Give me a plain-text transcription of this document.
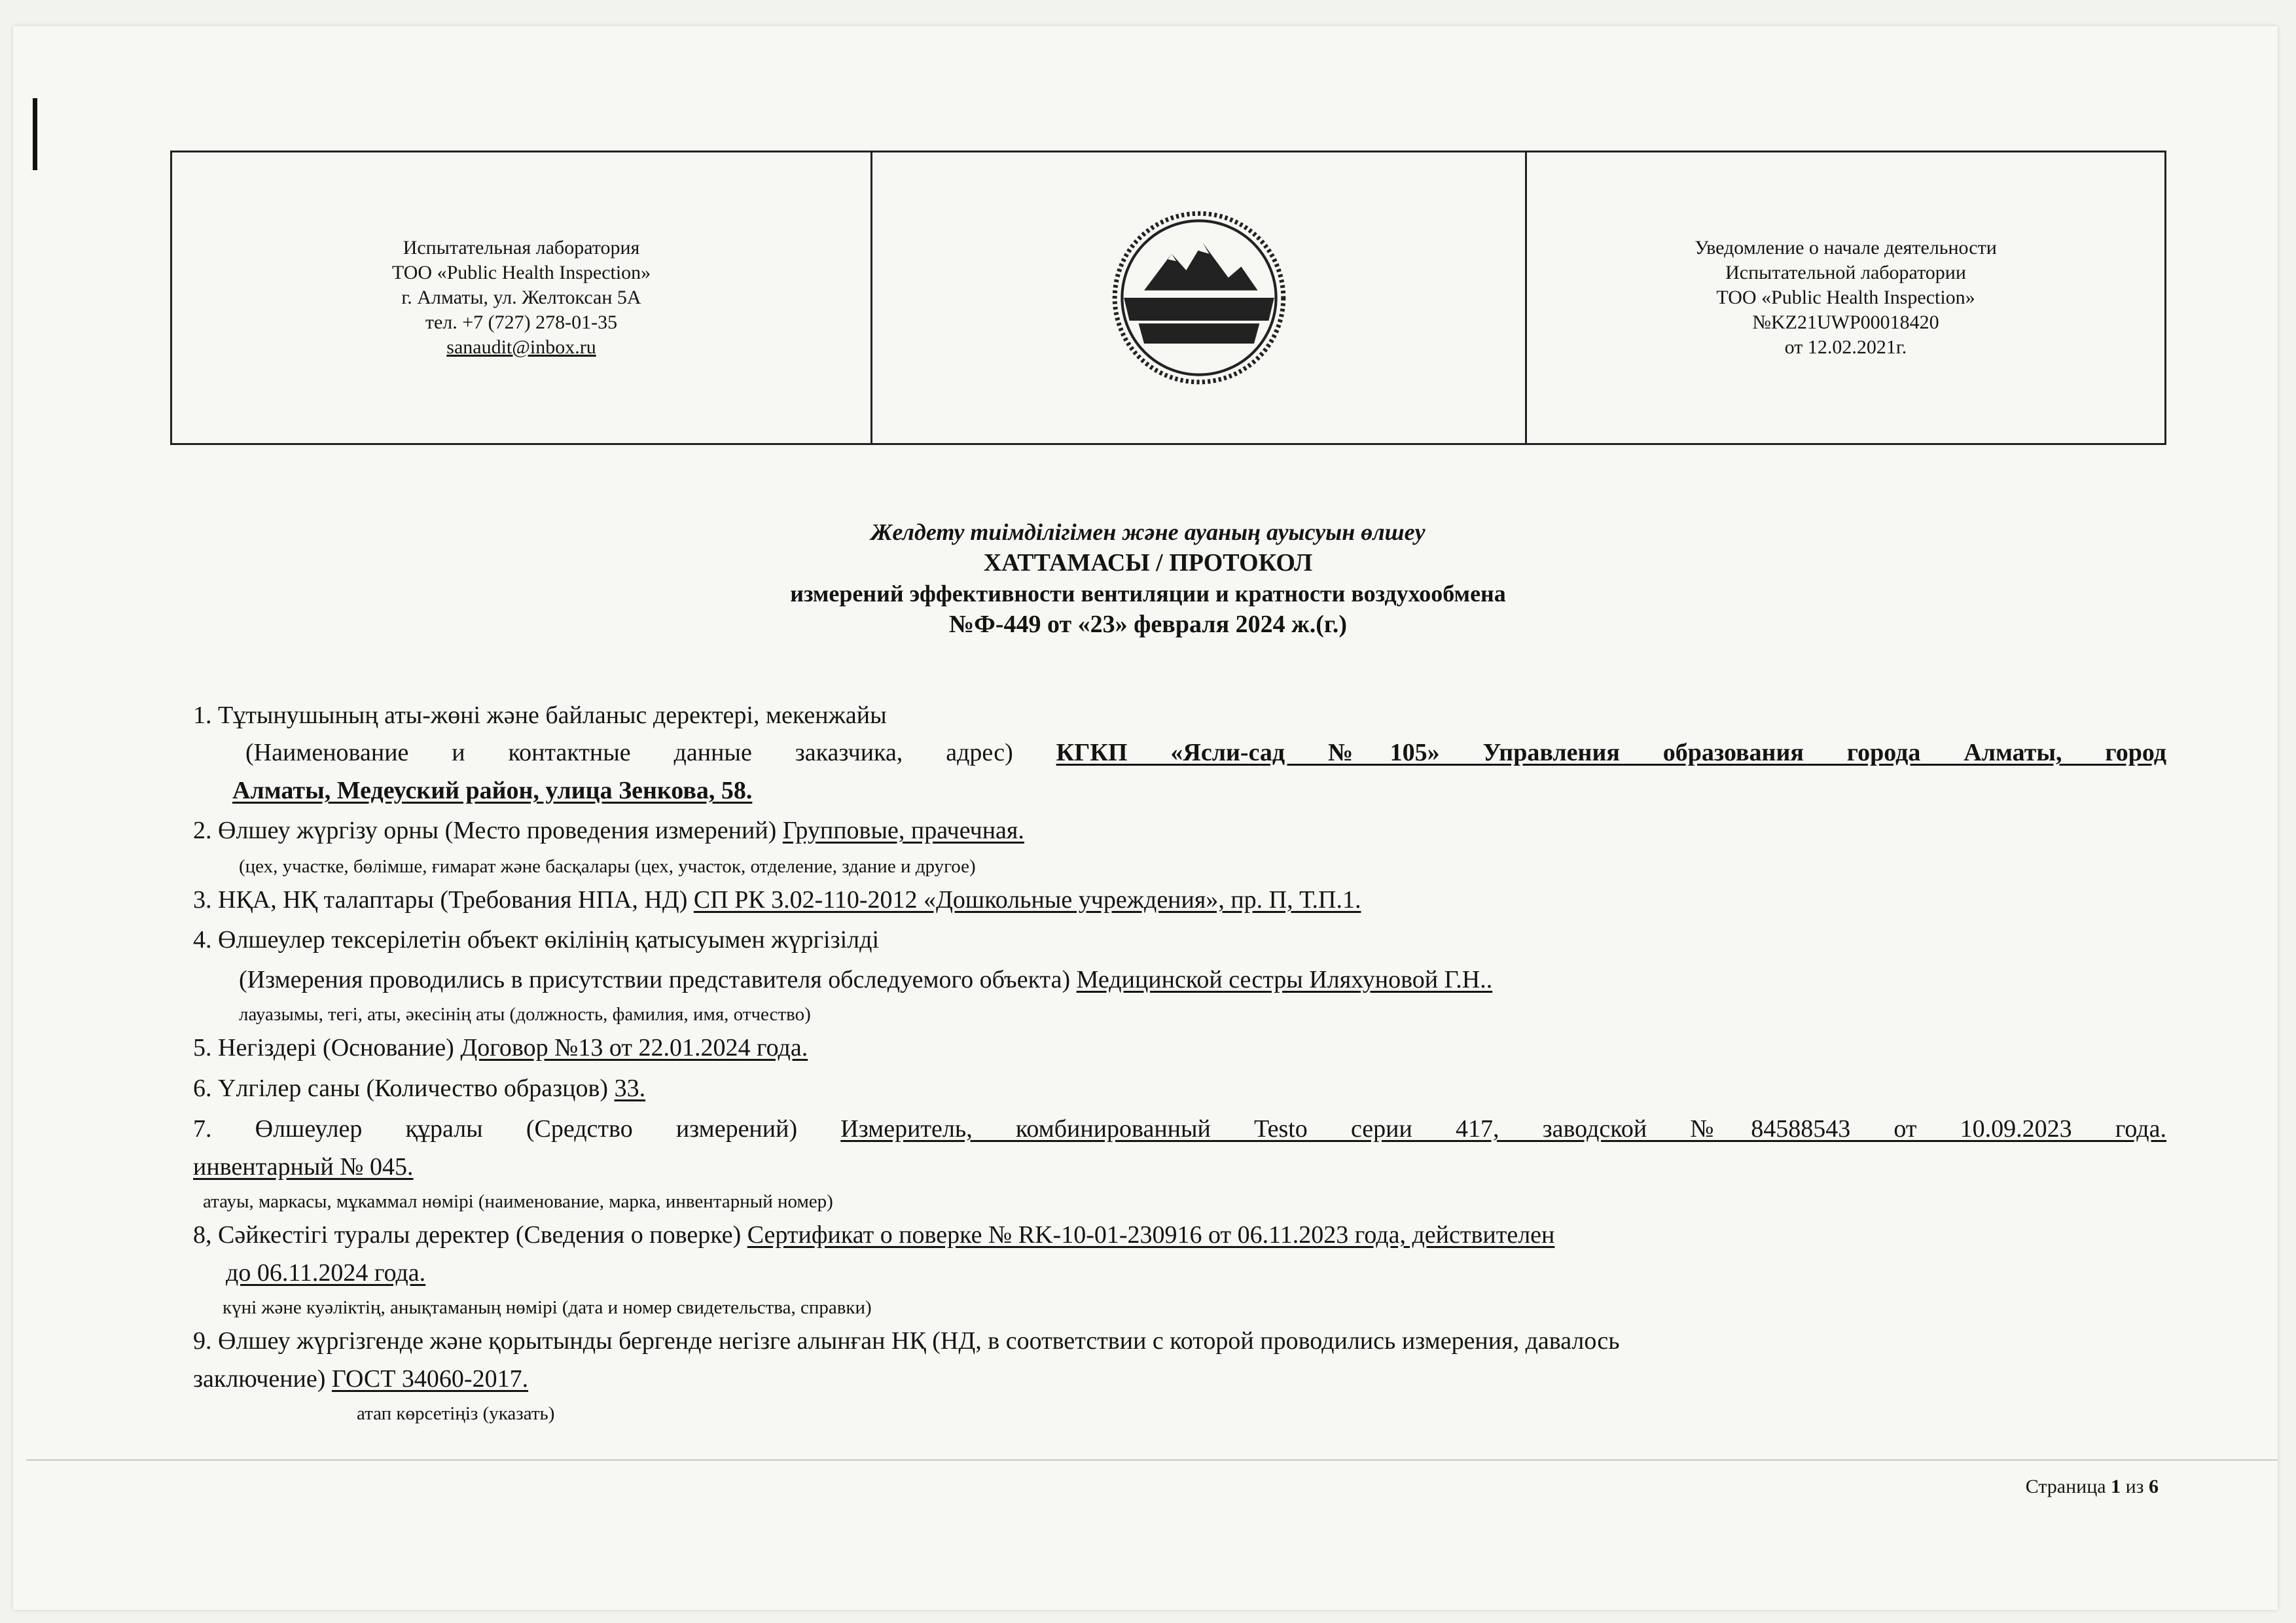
Испытательная лаборатория
ТОО «Public Health Inspection»
г. Алматы, ул. Желтоксан 5А
тел. +7 (727) 278-01-35
sanaudit@inbox.ru
Уведомление о начале деятельности
Испытательной лаборатории
ТОО «Public Health Inspection»
№KZ21UWP00018420
от 12.02.2021г.
Желдету тиімділігімен және ауаның ауысуын өлшеу
ХАТТАМАСЫ / ПРОТОКОЛ
измерений эффективности вентиляции и кратности воздухообмена
№Ф-449 от «23» февраля 2024 ж.(г.)
1. Тұтынушының аты-жөні және байланыс деректері, мекенжайы
(Наименование и контактные данные заказчика, адрес) КГКП «Ясли-сад №105» Управления образования города Алматы, город
Алматы, Медеуский район, улица Зенкова, 58.
2. Өлшеу жүргізу орны (Место проведения измерений) Групповые, прачечная.
(цех, участке, бөлімше, ғимарат және басқалары (цех, участок, отделение, здание и другое)
3. НҚА, НҚ талаптары (Требования НПА, НД) СП РК 3.02-110-2012 «Дошкольные учреждения», пр. П, Т.П.1.
4. Өлшеулер тексерілетін объект өкілінің қатысуымен жүргізілді
(Измерения проводились в присутствии представителя обследуемого объекта) Медицинской сестры Иляхуновой Г.Н..
лауазымы, тегі, аты, әкесінің аты (должность, фамилия, имя, отчество)
5. Негіздері (Основание) Договор №13 от 22.01.2024 года.
6. Үлгілер саны (Количество образцов) 33.
7. Өлшеулер құралы (Средство измерений) Измеритель, комбинированный Testo серии 417, заводской №84588543 от 10.09.2023 года.
инвентарный № 045.
атауы, маркасы, мұкаммал нөмірі (наименование, марка, инвентарный номер)
8, Сәйкестігі туралы деректер (Сведения о поверке) Сертификат о поверке № RK-10-01-230916 от 06.11.2023 года, действителен
до 06.11.2024 года.
күні және куәліктің, анықтаманың нөмірі (дата и номер свидетельства, справки)
9. Өлшеу жүргізгенде және қорытынды бергенде негізге алынған НҚ (НД, в соответствии с которой проводились измерения, давалось
заключение) ГОСТ 34060-2017.
атап көрсетіңіз (указать)
Страница 1 из 6
